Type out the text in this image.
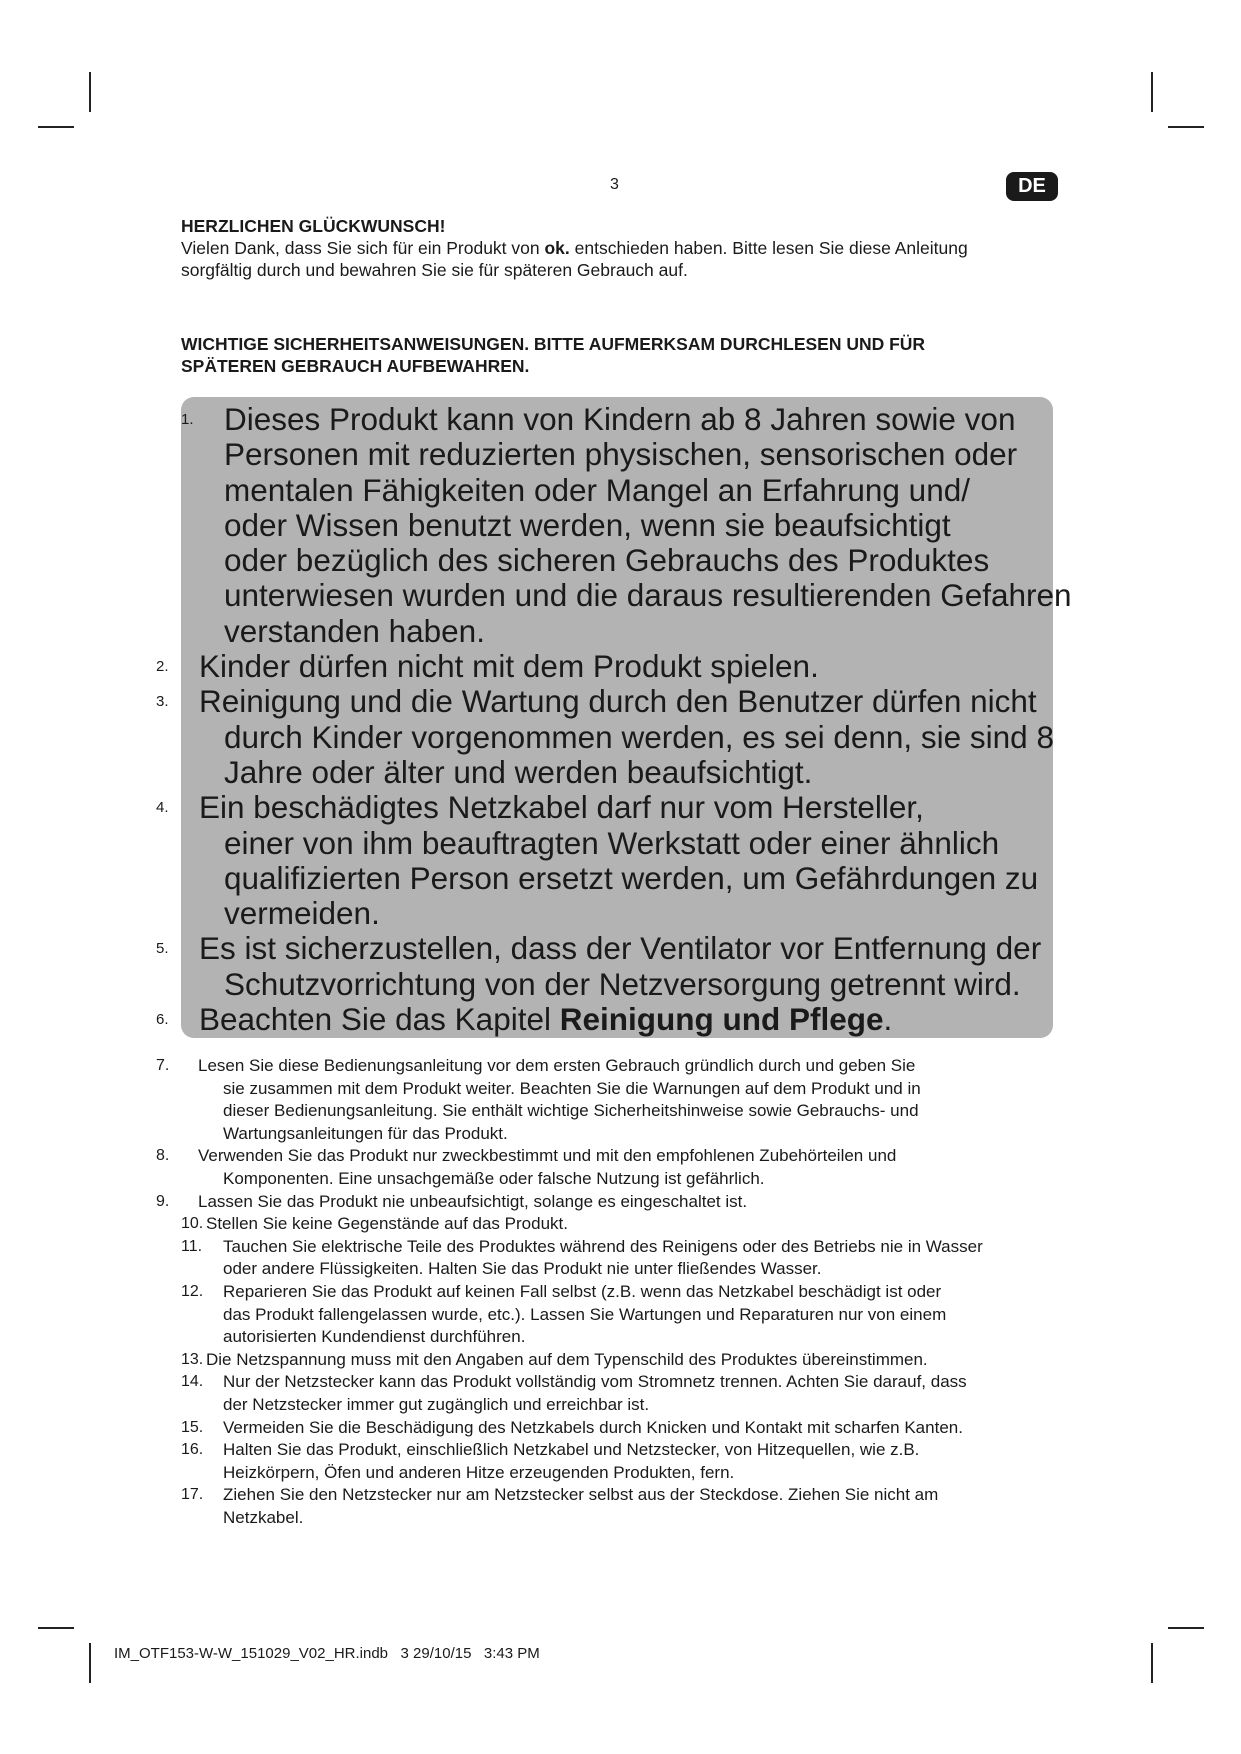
3	DE
HERZLICHEN GLÜCKWUNSCH!
Vielen Dank, dass Sie sich für ein Produkt von ok. entschieden haben. Bitte lesen Sie diese Anleitung
sorgfältig durch und bewahren Sie sie für späteren Gebrauch auf.
WICHTIGE SICHERHEITSANWEISUNGEN. BITTE AUFMERKSAM DURCHLESEN UND FÜR
SPÄTEREN GEBRAUCH AUFBEWAHREN.
1. Dieses Produkt kann von Kindern ab 8 Jahren sowie von
Personen mit reduzierten physischen, sensorischen oder
mentalen Fähigkeiten oder Mangel an Erfahrung und/
oder Wissen benutzt werden, wenn sie beaufsichtigt
oder bezüglich des sicheren Gebrauchs des Produktes
unterwiesen wurden und die daraus resultierenden Gefahren
verstanden haben.
2. Kinder dürfen nicht mit dem Produkt spielen.
3. Reinigung und die Wartung durch den Benutzer dürfen nicht
durch Kinder vorgenommen werden, es sei denn, sie sind 8
Jahre oder älter und werden beaufsichtigt.
4. Ein beschädigtes Netzkabel darf nur vom Hersteller,
einer von ihm beauftragten Werkstatt oder einer ähnlich
qualifizierten Person ersetzt werden, um Gefährdungen zu
vermeiden.
5. Es ist sicherzustellen, dass der Ventilator vor Entfernung der
Schutzvorrichtung von der Netzversorgung getrennt wird.
6. Beachten Sie das Kapitel Reinigung und Pflege.
7.	Lesen Sie diese Bedienungsanleitung vor dem ersten Gebrauch gründlich durch und geben Sie
sie zusammen mit dem Produkt weiter. Beachten Sie die Warnungen auf dem Produkt und in
dieser Bedienungsanleitung. Sie enthält wichtige Sicherheitshinweise sowie Gebrauchs- und
Wartungsanleitungen für das Produkt.
8.	Verwenden Sie das Produkt nur zweckbestimmt und mit den empfohlenen Zubehörteilen und
Komponenten. Eine unsachgemäße oder falsche Nutzung ist gefährlich.
9.	Lassen Sie das Produkt nie unbeaufsichtigt, solange es eingeschaltet ist.
10. Stellen Sie keine Gegenstände auf das Produkt.
11. Tauchen Sie elektrische Teile des Produktes während des Reinigens oder des Betriebs nie in Wasser
oder andere Flüssigkeiten. Halten Sie das Produkt nie unter fließendes Wasser.
12. Reparieren Sie das Produkt auf keinen Fall selbst (z.B. wenn das Netzkabel beschädigt ist oder
das Produkt fallengelassen wurde, etc.). Lassen Sie Wartungen und Reparaturen nur von einem
autorisierten Kundendienst durchführen.
13. Die Netzspannung muss mit den Angaben auf dem Typenschild des Produktes übereinstimmen.
14. Nur der Netzstecker kann das Produkt vollständig vom Stromnetz trennen. Achten Sie darauf, dass
der Netzstecker immer gut zugänglich und erreichbar ist.
15. Vermeiden Sie die Beschädigung des Netzkabels durch Knicken und Kontakt mit scharfen Kanten.
16. Halten Sie das Produkt, einschließlich Netzkabel und Netzstecker, von Hitzequellen, wie z.B.
Heizkörpern, Öfen und anderen Hitze erzeugenden Produkten, fern.
17. Ziehen Sie den Netzstecker nur am Netzstecker selbst aus der Steckdose. Ziehen Sie nicht am
Netzkabel.
IM_OTF153-W-W_151029_V02_HR.indb   3 29/10/15   3:43 PM
